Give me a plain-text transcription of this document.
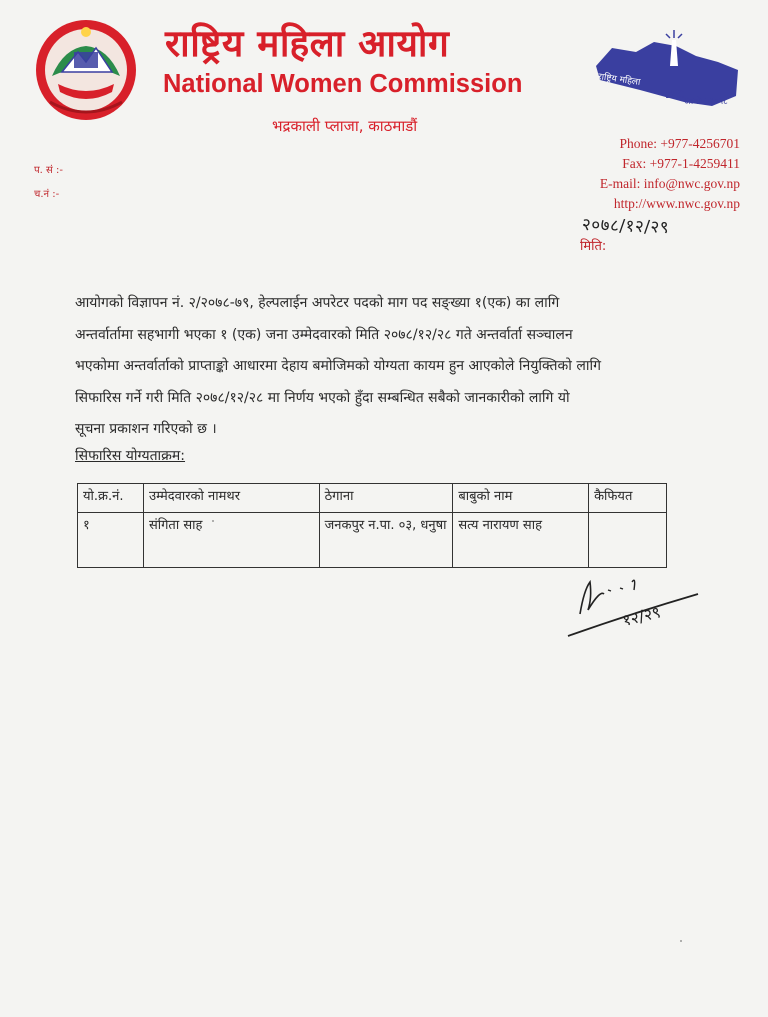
राष्ट्रिय महिला आयोग
National Women Commission
भद्रकाली प्लाजा, काठमाडौं
राष्ट्रिय महिला
WC
आयोग-२०५८
Phone: +977-4256701
Fax: +977-1-4259411
E-mail: info@nwc.gov.np
http://www.nwc.gov.np
प. सं :-
च.नं :-
२०७८/१२/२९
मिति:
आयोगको विज्ञापन नं. २/२०७८-७९, हेल्पलाईन अपरेटर पदको माग पद सङ्ख्या १(एक) का लागि
अन्तर्वार्तामा सहभागी भएका १ (एक) जना उम्मेदवारको मिति २०७८/१२/२८ गते अन्तर्वार्ता सञ्चालन
भएकोमा अन्तर्वार्ताको प्राप्ताङ्को आधारमा देहाय बमोजिमको योग्यता कायम हुन आएकोले नियुक्तिको लागि
सिफारिस गर्ने गरी मिति २०७८/१२/२८ मा निर्णय भएको हुँदा सम्बन्धित सबैको जानकारीको लागि यो
सूचना प्रकाशन गरिएको छ ।
सिफारिस योग्यताक्रम:
यो.क्र.नं.	उम्मेदवारको नामथर	ठेगाना	बाबुको नाम	कैफियत
१	संगिता साह	जनकपुर न.पा. ०३, धनुषा	सत्य नारायण साह	
१२/२९
